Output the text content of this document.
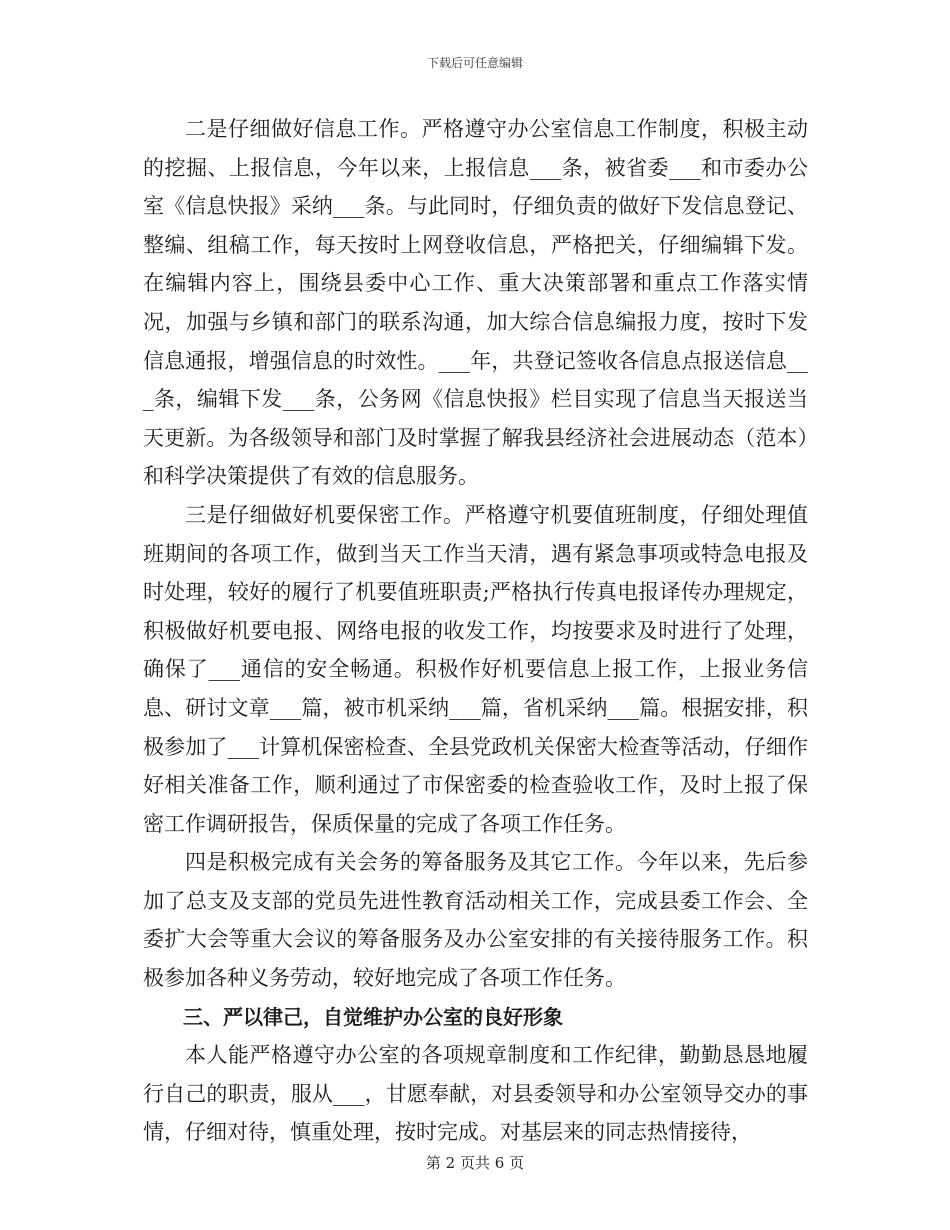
下载后可任意编辑

二是仔细做好信息工作。严格遵守办公室信息工作制度，积极主动的挖掘、上报信息，今年以来，上报信息___条，被省委___和市委办公室《信息快报》采纳___条。与此同时，仔细负责的做好下发信息登记、整编、组稿工作，每天按时上网登收信息，严格把关，仔细编辑下发。在编辑内容上，围绕县委中心工作、重大决策部署和重点工作落实情况，加强与乡镇和部门的联系沟通，加大综合信息编报力度，按时下发信息通报，增强信息的时效性。___年，共登记签收各信息点报送信息___条，编辑下发___条，公务网《信息快报》栏目实现了信息当天报送当天更新。为各级领导和部门及时掌握了解我县经济社会进展动态（范本）和科学决策提供了有效的信息服务。

三是仔细做好机要保密工作。严格遵守机要值班制度，仔细处理值班期间的各项工作，做到当天工作当天清，遇有紧急事项或特急电报及时处理，较好的履行了机要值班职责;严格执行传真电报译传办理规定，积极做好机要电报、网络电报的收发工作，均按要求及时进行了处理，确保了___通信的安全畅通。积极作好机要信息上报工作，上报业务信息、研讨文章___篇，被市机采纳___篇，省机采纳___篇。根据安排，积极参加了___计算机保密检查、全县党政机关保密大检查等活动，仔细作好相关准备工作，顺利通过了市保密委的检查验收工作，及时上报了保密工作调研报告，保质保量的完成了各项工作任务。

四是积极完成有关会务的筹备服务及其它工作。今年以来，先后参加了总支及支部的党员先进性教育活动相关工作，完成县委工作会、全委扩大会等重大会议的筹备服务及办公室安排的有关接待服务工作。积极参加各种义务劳动，较好地完成了各项工作任务。

三、严以律己，自觉维护办公室的良好形象

本人能严格遵守办公室的各项规章制度和工作纪律，勤勤恳恳地履行自己的职责，服从___，甘愿奉献，对县委领导和办公室领导交办的事情，仔细对待，慎重处理，按时完成。对基层来的同志热情接待，

第 2 页共 6 页
